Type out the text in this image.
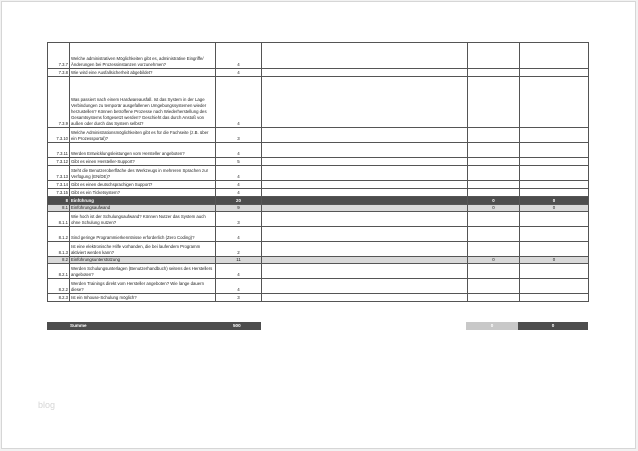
7.3.7	Welche administrativen Möglichkeiten gibt es, administrative Eingriffe/Änderungen bei Prozessinstanzen vorzunehmen?	4			
7.3.8	Wie wird eine Ausfallsicherheit abgebildet?	4			
7.3.9	Was passiert nach einem Hardwareausfall. Ist das System in der Lage Verbindungen zu temporär ausgefallenen Umgebungssystemen wieder herzustellen? Können betroffene Prozesse nach Wiederherstellung des Gesamtsystems fortgesetzt werden? Geschieht das durch Anstoß von außen oder durch das System selbst?	4			
7.3.10	Welche Administrationsmöglichkeiten gibt es für die Fachseite (z.B. über ein Prozessportal)?	3			
7.3.11	Werden Entwicklungsleistungen vom Hersteller angeboten?	4			
7.3.12	Gibt es einen Hersteller-Support?	5			
7.3.13	Steht die Benutzeroberfläche des Werkzeugs in mehreren Sprachen zur Verfügung (EN/DE)?	4			
7.3.14	Gibt es einen deutschsprachigen Support?	4			
7.3.15	Gibt es ein Ticketsystem?	4			
8	Einführung	20		0	0
8.1	Einführungsaufwand	9		0	0
8.1.1	Wie hoch ist der Schulungsaufwand? Können Nutzer das System auch ohne Schulung nutzen?	3			
8.1.2	Sind geringe Programmierkenntnisse erforderlich (Zero Coding)?	4			
8.1.3	Ist eine elektronische Hilfe vorhanden, die bei laufendem Programm aktiviert werden kann?	2			
8.2	Einführungsunterstützung	11		0	0
8.2.1	Werden Schulungsunterlagen (Benutzerhandbuch) seitens des Herstellers angeboten?	4			
8.2.2	Werden Trainings direkt vom Hersteller angeboten? Wie lange dauern diese?	4			
8.2.3	Ist ein Inhouse-Schulung möglich?	3			
Summe	500	0	0
blog
